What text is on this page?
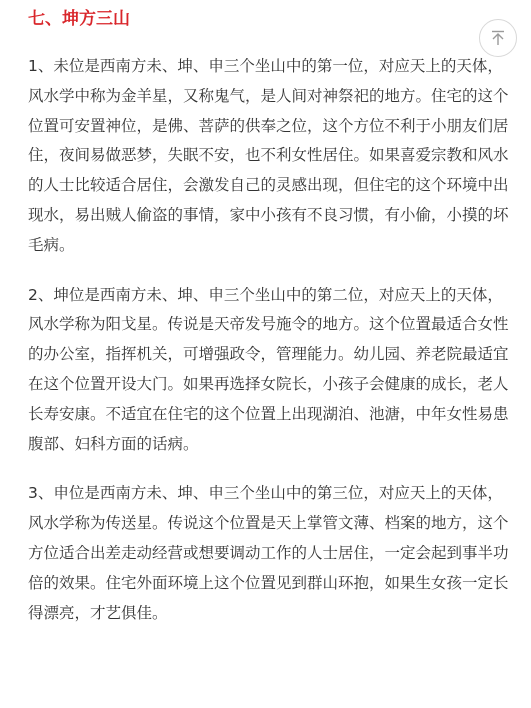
七、坤方三山

1、未位是西南方未、坤、申三个坐山中的第一位，对应天上的天体，风水学中称为金羊星，又称鬼气，是人间对神祭祀的地方。住宅的这个位置可安置神位，是佛、菩萨的供奉之位，这个方位不利于小朋友们居住，夜间易做恶梦，失眠不安，也不利女性居住。如果喜爱宗教和风水的人士比较适合居住，会激发自己的灵感出现，但住宅的这个环境中出现水，易出贼人偷盗的事情，家中小孩有不良习惯，有小偷，小摸的坏毛病。

2、坤位是西南方未、坤、申三个坐山中的第二位，对应天上的天体，风水学称为阳戈星。传说是天帝发号施令的地方。这个位置最适合女性的办公室，指挥机关，可增强政令，管理能力。幼儿园、养老院最适宜在这个位置开设大门。如果再选择女院长，小孩子会健康的成长，老人长寿安康。不适宜在住宅的这个位置上出现湖泊、池溏，中年女性易患腹部、妇科方面的话病。

3、申位是西南方未、坤、申三个坐山中的第三位，对应天上的天体，风水学称为传送星。传说这个位置是天上掌管文薄、档案的地方，这个方位适合出差走动经营或想要调动工作的人士居住，一定会起到事半功倍的效果。住宅外面环境上这个位置见到群山环抱，如果生女孩一定长得漂亮，才艺俱佳。
